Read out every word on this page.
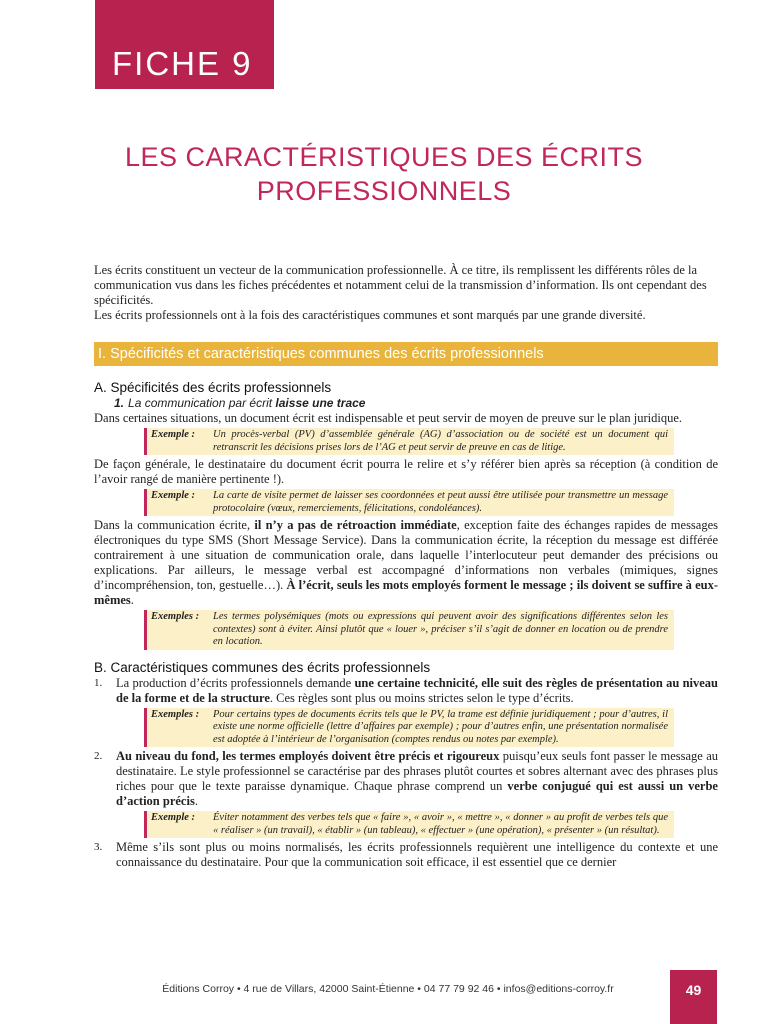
FICHE 9
LES CARACTÉRISTIQUES DES ÉCRITS
PROFESSIONNELS

Les écrits constituent un vecteur de la communication professionnelle. À ce titre, ils remplissent les différents rôles de la communication vus dans les fiches précédentes et notamment celui de la transmission d’information. Ils ont cependant des spécificités.

Les écrits professionnels ont à la fois des caractéristiques communes et sont marqués par une grande diversité.

I. Spécificités et caractéristiques communes des écrits professionnels
A. Spécificités des écrits professionnels
1. La communication par écrit laisse une trace

Dans certaines situations, un document écrit est indispensable et peut servir de moyen de preuve sur le plan juridique.

Exemple :	Un procès-verbal (PV) d’assemblée générale (AG) d’association ou de société est un document qui retranscrit les décisions prises lors de l’AG et peut servir de preuve en cas de litige.

De façon générale, le destinataire du document écrit pourra le relire et s’y référer bien après sa réception (à condition de l’avoir rangé de manière pertinente !).

Exemple :	La carte de visite permet de laisser ses coordonnées et peut aussi être utilisée pour transmettre un message protocolaire (vœux, remerciements, félicitations, condoléances).

Dans la communication écrite, il n’y a pas de rétroaction immédiate, exception faite des échanges rapides de messages électroniques du type SMS (Short Message Service). Dans la communication écrite, la réception du message est différée contrairement à une situation de communication orale, dans laquelle l’interlocuteur peut demander des précisions ou explications. Par ailleurs, le message verbal est accompagné d’informations non verbales (mimiques, signes d’incompréhension, ton, gestuelle…). À l’écrit, seuls les mots employés forment le message ; ils doivent se suffire à eux-mêmes.

Exemples :	Les termes polysémiques (mots ou expressions qui peuvent avoir des significations différentes selon les contextes) sont à éviter. Ainsi plutôt que « louer », préciser s’il s’agit de donner en location ou de prendre en location.
B. Caractéristiques communes des écrits professionnels
1.	La production d’écrits professionnels demande une certaine technicité, elle suit des règles de présentation au niveau de la forme et de la structure. Ces règles sont plus ou moins strictes selon le type d’écrits.
Exemples :	Pour certains types de documents écrits tels que le PV, la trame est définie juridiquement ; pour d’autres, il existe une norme officielle (lettre d’affaires par exemple) ; pour d’autres enfin, une présentation normalisée est adoptée à l’intérieur de l’organisation (comptes rendus ou notes par exemple).
2.	Au niveau du fond, les termes employés doivent être précis et rigoureux puisqu’eux seuls font passer le message au destinataire. Le style professionnel se caractérise par des phrases plutôt courtes et sobres alternant avec des phrases plus riches pour que le texte paraisse dynamique. Chaque phrase comprend un verbe conjugué qui est aussi un verbe d’action précis.
Exemple :	Éviter notamment des verbes tels que « faire », « avoir », « mettre », « donner » au profit de verbes tels que « réaliser » (un travail), « établir » (un tableau), « effectuer » (une opération), « présenter » (un résultat).
3.	Même s’ils sont plus ou moins normalisés, les écrits professionnels requièrent une intelligence du contexte et une connaissance du destinataire. Pour que la communication soit efficace, il est essentiel que ce dernier
Éditions Corroy • 4 rue de Villars, 42000 Saint-Étienne • 04 77 79 92 46 • infos@editions-corroy.fr	49
